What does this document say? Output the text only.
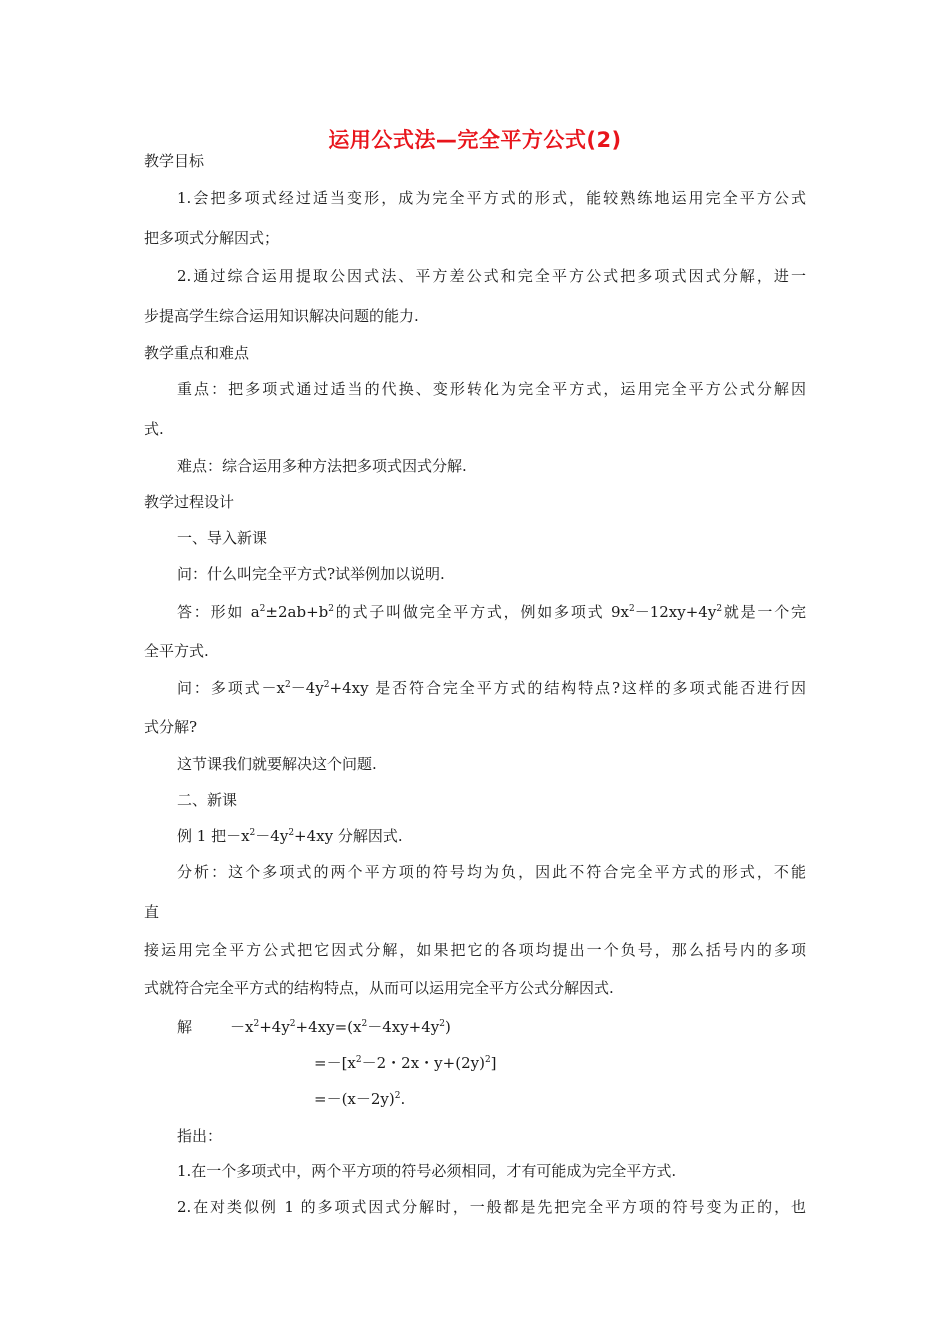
运用公式法—完全平方公式(2)
教学目标
1.会把多项式经过适当变形，成为完全平方式的形式，能较熟练地运用完全平方公式
把多项式分解因式；
2.通过综合运用提取公因式法、平方差公式和完全平方公式把多项式因式分解，进一
步提高学生综合运用知识解决问题的能力.
教学重点和难点
重点：把多项式通过适当的代换、变形转化为完全平方式，运用完全平方公式分解因
式.
难点：综合运用多种方法把多项式因式分解.
教学过程设计
一、导入新课
问：什么叫完全平方式?试举例加以说明.
答：形如 $a^2\pm 2ab+b^2$的式子叫做完全平方式，例如多项式 $9x^2-12xy+4y^2$就是一个完
全平方式.
问：多项式$-x^2-4y^2+4xy$ 是否符合完全平方式的结构特点?这样的多项式能否进行因
式分解?
这节课我们就要解决这个问题.
二、新课
例 1 把$-x^2-4y^2+4xy$ 分解因式.
分析：这个多项式的两个平方项的符号均为负，因此不符合完全平方式的形式，不能
直
接运用完全平方公式把它因式分解，如果把它的各项均提出一个负号，那么括号内的多项
式就符合完全平方式的结构特点，从而可以运用完全平方公式分解因式.
解	$-x^2+4y^2+4xy=(x^2-4xy+4y^2)$
$=-[x^2-2$・2x・$y+(2y)^2$]
$=-(x-2y)^2$.
指出：
1.在一个多项式中，两个平方项的符号必须相同，才有可能成为完全平方式.
2.在对类似例 1 的多项式因式分解时，一般都是先把完全平方项的符号变为正的，也
